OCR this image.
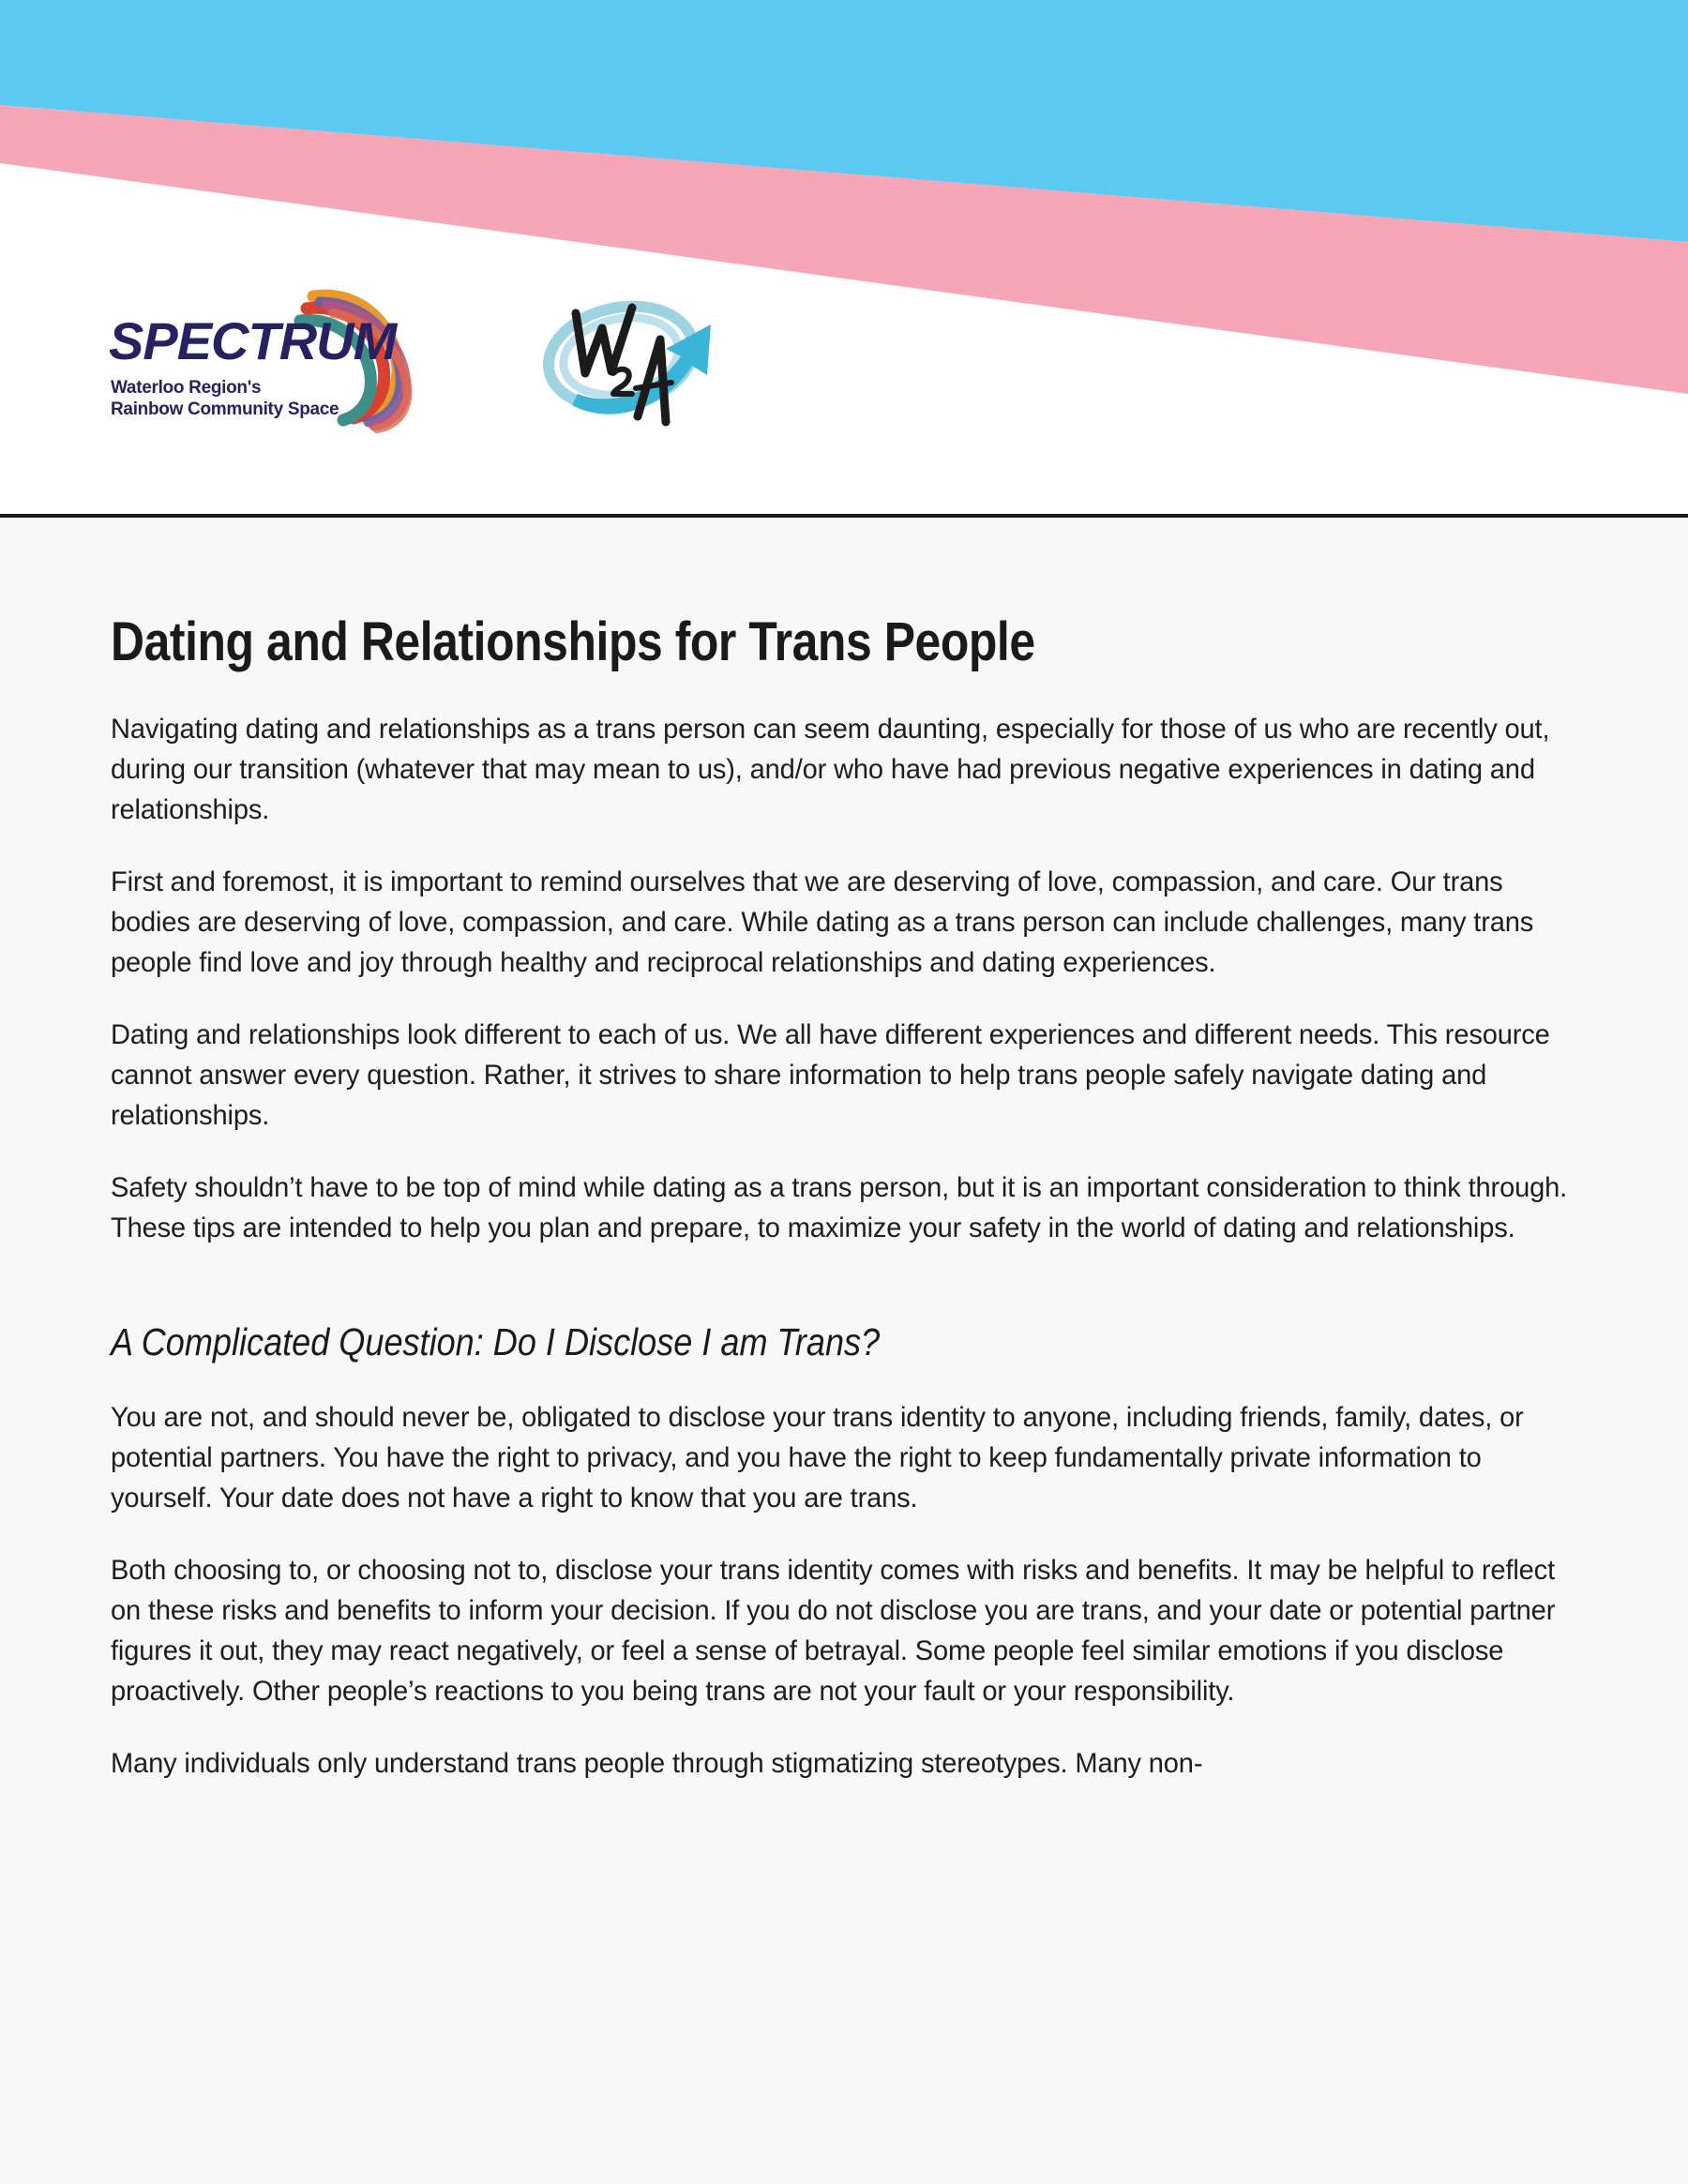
SPECTRUM
Waterloo Region's
Rainbow Community Space
Dating and Relationships for Trans People

Navigating dating and relationships as a trans person can seem daunting, especially for those of us who are recently out, during our transition (whatever that may mean to us), and/or who have had previous negative experiences in dating and relationships.

First and foremost, it is important to remind ourselves that we are deserving of love, compassion, and care. Our trans bodies are deserving of love, compassion, and care. While dating as a trans person can include challenges, many trans people find love and joy through healthy and reciprocal relationships and dating experiences.

Dating and relationships look different to each of us. We all have different experiences and different needs. This resource cannot answer every question. Rather, it strives to share information to help trans people safely navigate dating and relationships.

Safety shouldn’t have to be top of mind while dating as a trans person, but it is an important consideration to think through. These tips are intended to help you plan and prepare, to maximize your safety in the world of dating and relationships.

A Complicated Question: Do I Disclose I am Trans?

You are not, and should never be, obligated to disclose your trans identity to anyone, including friends, family, dates, or potential partners. You have the right to privacy, and you have the right to keep fundamentally private information to yourself. Your date does not have a right to know that you are trans.

Both choosing to, or choosing not to, disclose your trans identity comes with risks and benefits. It may be helpful to reflect on these risks and benefits to inform your decision. If you do not disclose you are trans, and your date or potential partner figures it out, they may react negatively, or feel a sense of betrayal. Some people feel similar emotions if you disclose proactively. Other people’s reactions to you being trans are not your fault or your responsibility.

Many individuals only understand trans people through stigmatizing stereotypes. Many non-
